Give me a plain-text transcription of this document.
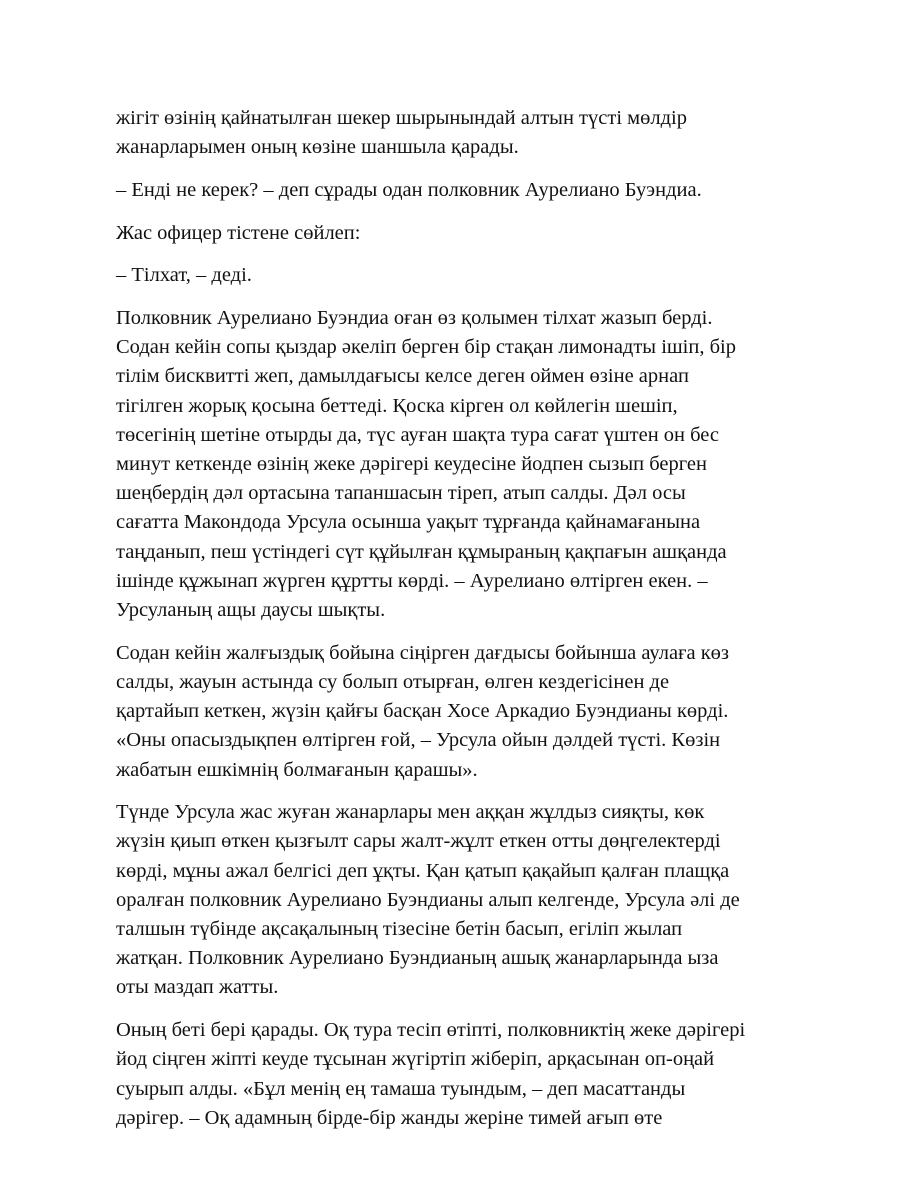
жігіт өзінің қайнатылған шекер шырынындай алтын түсті мөлдір
жанарларымен оның көзіне шаншыла қарады.

– Енді не керек? – деп сұрады одан полковник Аурелиано Буэндиа.

Жас офицер тістене сөйлеп:

– Тілхат, – деді.

Полковник Аурелиано Буэндиа оған өз қолымен тілхат жазып берді.
Содан кейін сопы қыздар әкеліп берген бір стақан лимонадты ішіп, бір
тілім бисквитті жеп, дамылдағысы келсе деген оймен өзіне арнап
тігілген жорық қосына беттеді. Қоска кірген ол көйлегін шешіп,
төсегінің шетіне отырды да, түс ауған шақта тура сағат үштен он бес
минут кеткенде өзінің жеке дәрігері кеудесіне йодпен сызып берген
шеңбердің дәл ортасына тапаншасын тіреп, атып салды. Дәл осы
сағатта Макондода Урсула осынша уақыт тұрғанда қайнамағанына
таңданып, пеш үстіндегі сүт құйылған құмыраның қақпағын ашқанда
ішінде құжынап жүрген құртты көрді. – Аурелиано өлтірген екен. –
Урсуланың ащы даусы шықты.

Содан кейін жалғыздық бойына сіңірген дағдысы бойынша аулаға көз
салды, жауын астында су болып отырған, өлген кездегісінен де
қартайып кеткен, жүзін қайғы басқан Хосе Аркадио Буэндианы көрді.
«Оны опасыздықпен өлтірген ғой, – Урсула ойын дәлдей түсті. Көзін
жабатын ешкімнің болмағанын қарашы».

Түнде Урсула жас жуған жанарлары мен аққан жұлдыз сияқты, көк
жүзін қиып өткен қызғылт сары жалт-жұлт еткен отты дөңгелектерді
көрді, мұны ажал белгісі деп ұқты. Қан қатып қақайып қалған плащқа
оралған полковник Аурелиано Буэндианы алып келгенде, Урсула әлі де
талшын түбінде ақсақалының тізесіне бетін басып, егіліп жылап
жатқан. Полковник Аурелиано Буэндианың ашық жанарларында ыза
оты маздап жатты.

Оның беті бері қарады. Оқ тура тесіп өтіпті, полковниктің жеке дәрігері
йод сіңген жіпті кеуде тұсынан жүгіртіп жіберіп, арқасынан оп-оңай
суырып алды. «Бұл менің ең тамаша туындым, – деп масаттанды
дәрігер. – Оқ адамның бірде-бір жанды жеріне тимей ағып өте
